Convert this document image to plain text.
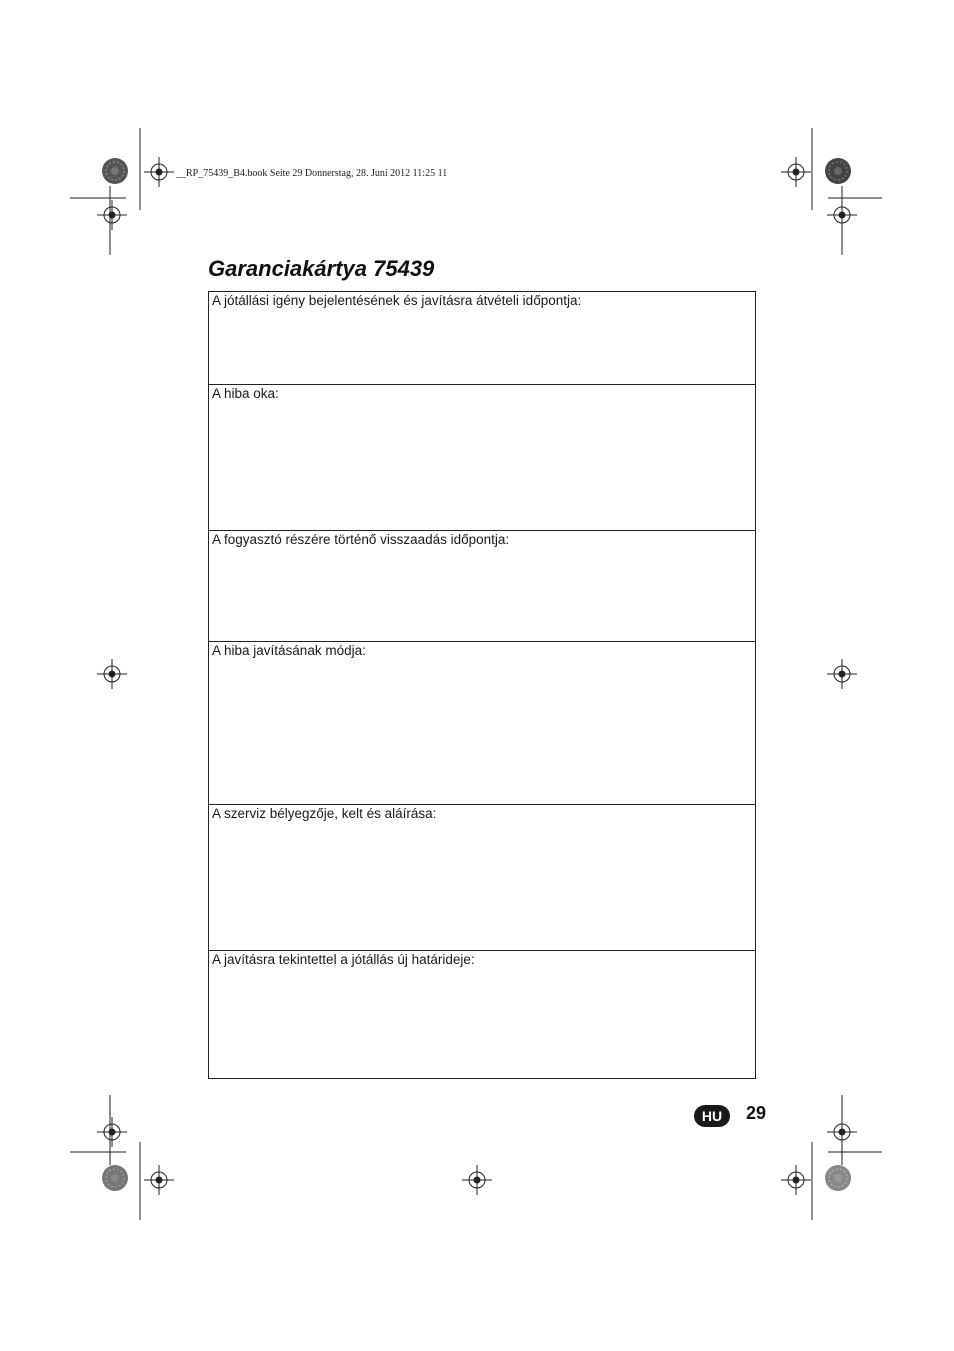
__RP_75439_B4.book Seite 29 Donnerstag, 28. Juni 2012 11:25 11
Garanciakártya 75439
A jótállási igény bejelentésének és javításra átvételi időpontja:
A hiba oka:
A fogyasztó részére történő visszaadás időpontja:
A hiba javításának módja:
A szerviz bélyegzője, kelt és aláírása:
A javításra tekintettel a jótállás új határideje:
HU	29
